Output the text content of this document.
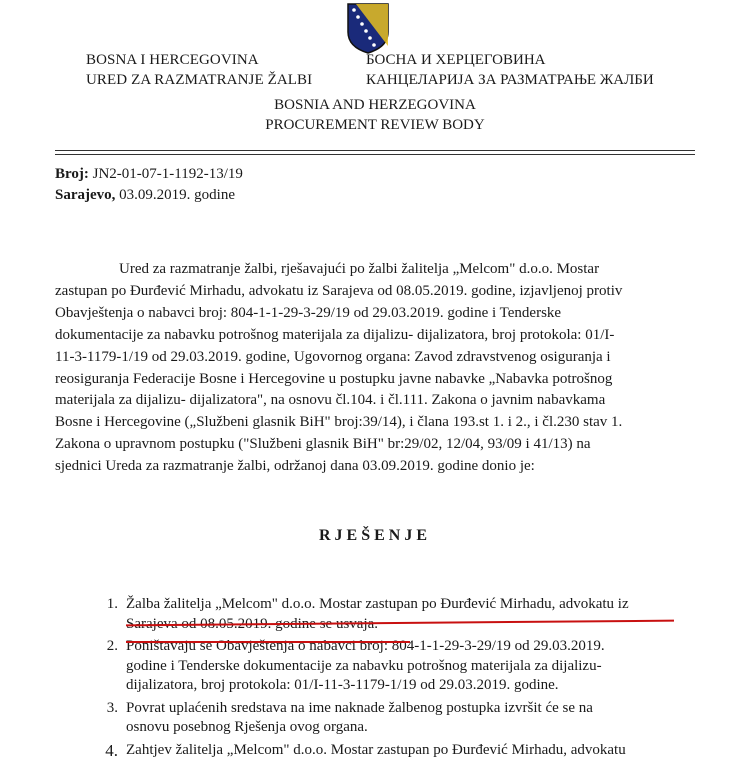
BOSNA I HERCEGOVINA
URED ZA RAZMATRANJE ŽALBI
БОСНА И ХЕРЦЕГОВИНА
КАНЦЕЛАРИЈА ЗА РАЗМАТРАЊЕ ЖАЛБИ
BOSNIA AND HERZEGOVINA
PROCUREMENT REVIEW BODY
Broj: JN2-01-07-1-1192-13/19
Sarajevo, 03.09.2019. godine
Ured za razmatranje žalbi, rješavajući po žalbi žalitelja „Melcom" d.o.o. Mostar
zastupan po Đurđević Mirhadu, advokatu iz Sarajeva od 08.05.2019. godine, izjavljenoj protiv
Obavještenja o nabavci broj: 804-1-1-29-3-29/19 od 29.03.2019. godine i Tenderske
dokumentacije za nabavku potrošnog materijala za dijalizu- dijalizatora, broj protokola: 01/I-
11-3-1179-1/19 od 29.03.2019. godine, Ugovornog organa: Zavod zdravstvenog osiguranja i
reosiguranja Federacije Bosne i Hercegovine u postupku javne nabavke „Nabavka potrošnog
materijala za dijalizu- dijalizatora", na osnovu čl.104. i čl.111. Zakona o javnim nabavkama
Bosne i Hercegovine („Službeni glasnik BiH" broj:39/14), i člana 193.st 1. i 2., i čl.230 stav 1.
Zakona o upravnom postupku ("Službeni glasnik BiH" br:29/02, 12/04, 93/09 i 41/13) na
sjednici Ureda za razmatranje žalbi, održanoj dana 03.09.2019. godine donio je:
RJEŠENJE
1. Žalba žalitelja „Melcom" d.o.o. Mostar zastupan po Đurđević Mirhadu, advokatu iz
Sarajeva od 08.05.2019. godine se usvaja.
2. Poništavaju se Obavještenja o nabavci broj: 804-1-1-29-3-29/19 od 29.03.2019.
godine i Tenderske dokumentacije za nabavku potrošnog materijala za dijalizu-
dijalizatora, broj protokola: 01/I-11-3-1179-1/19 od 29.03.2019. godine.
3. Povrat uplaćenih sredstava na ime naknade žalbenog postupka izvršit će se na
osnovu posebnog Rješenja ovog organa.
4. Zahtjev žalitelja „Melcom" d.o.o. Mostar zastupan po Đurđević Mirhadu, advokatu
